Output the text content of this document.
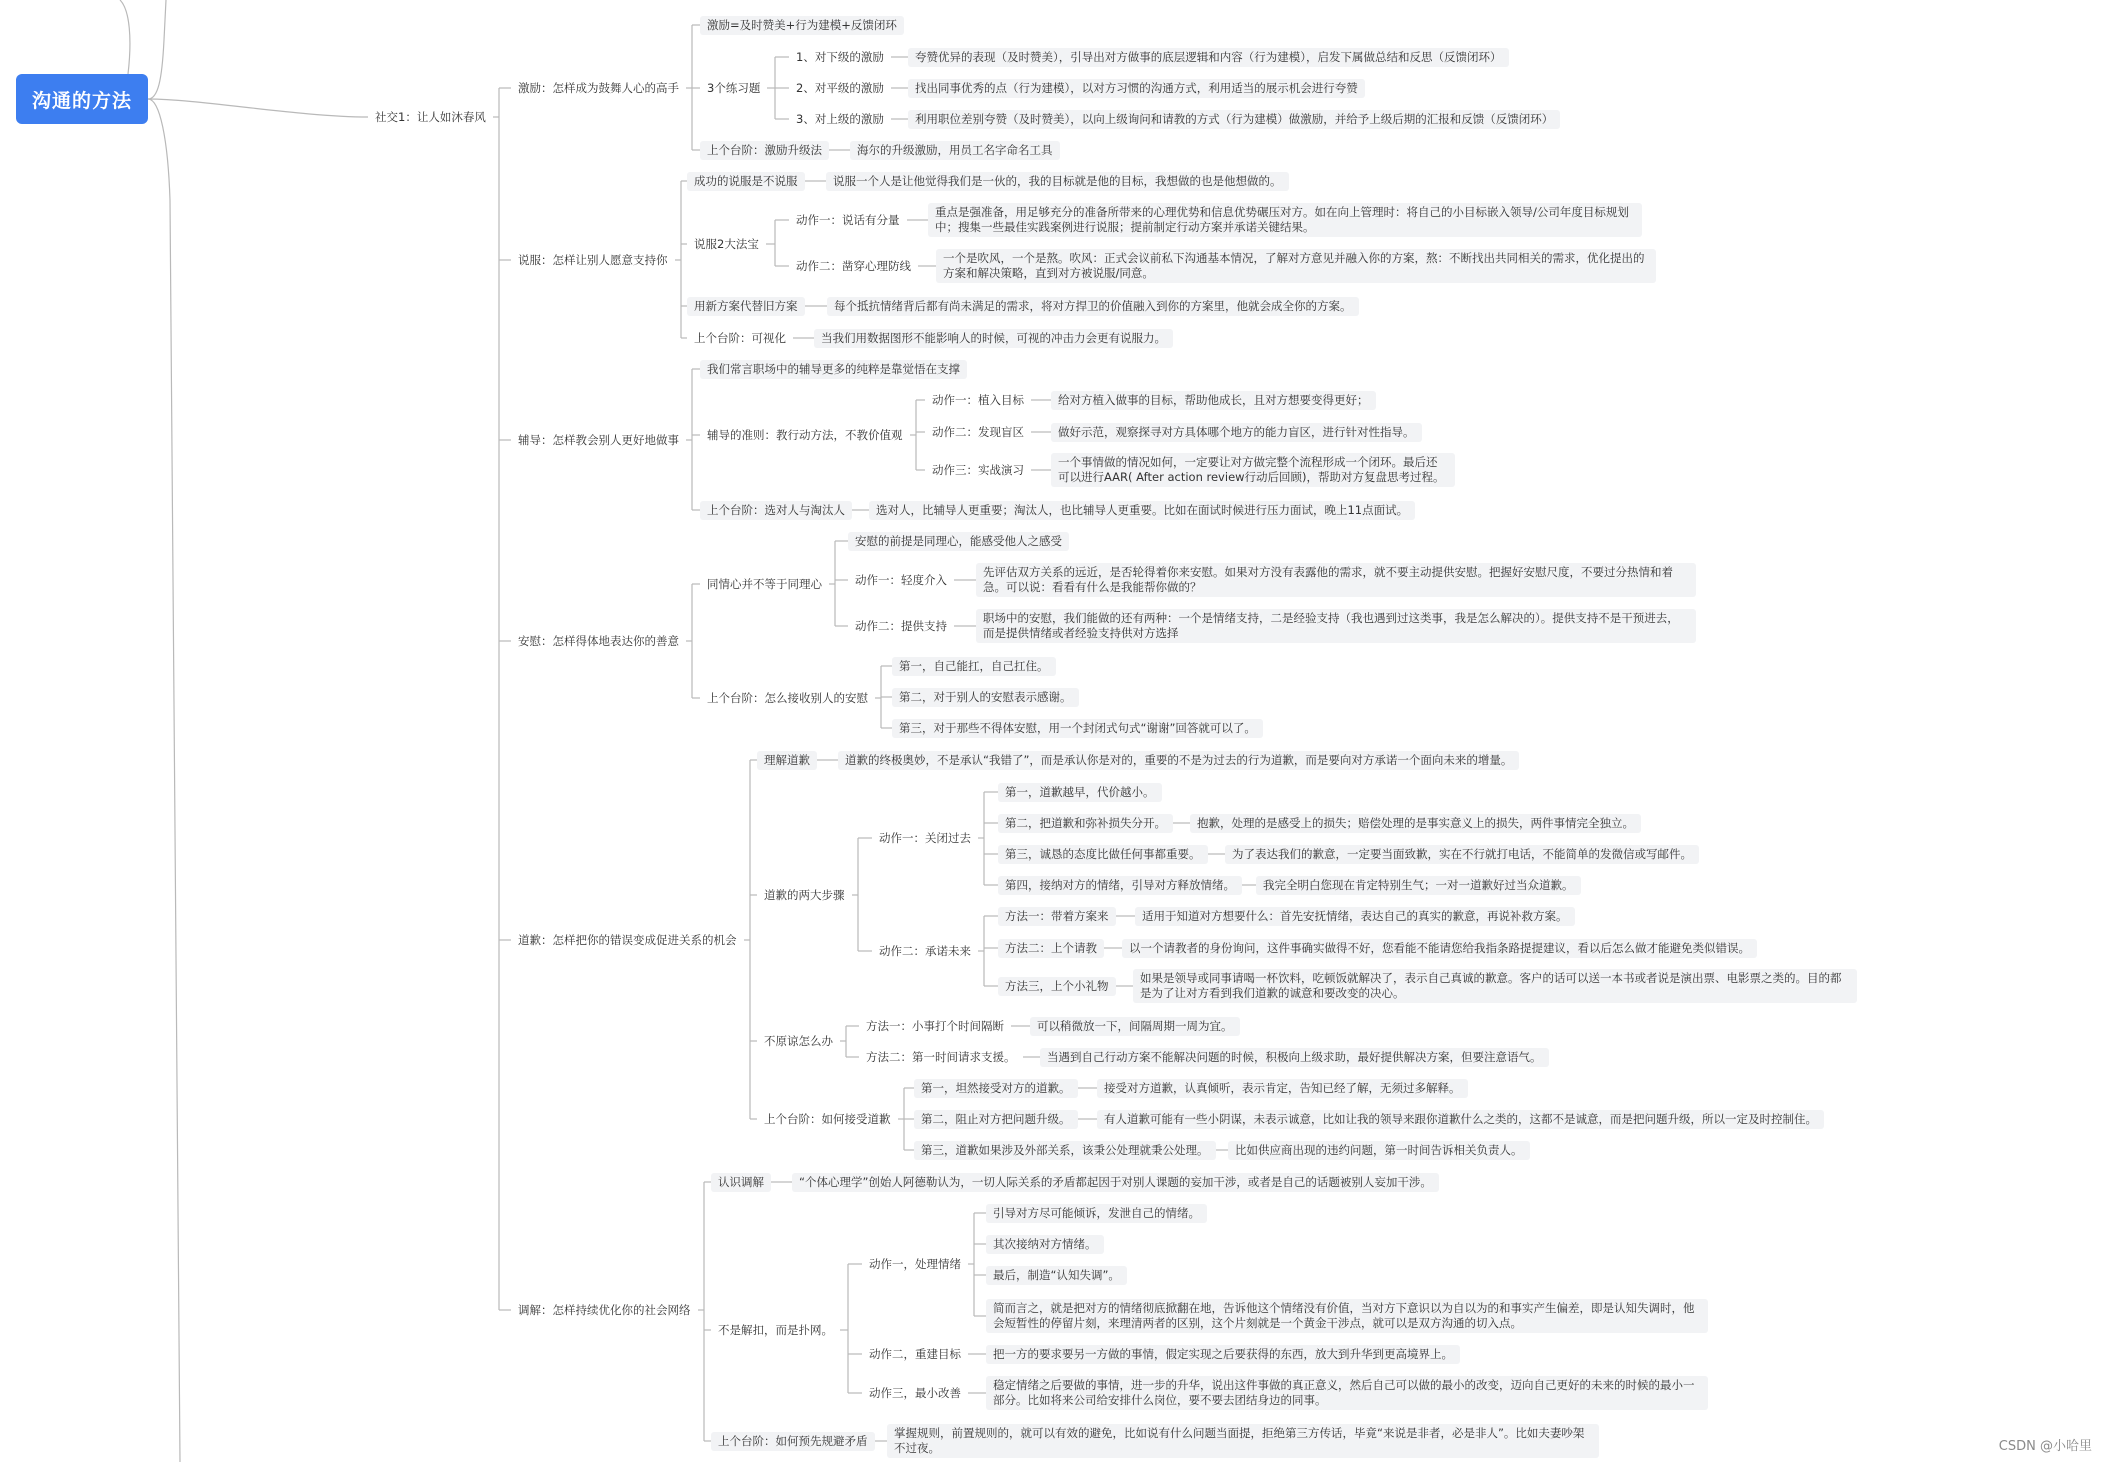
沟通的方法
社交1：让人如沐春风
激励：怎样成为鼓舞人心的高手
激励=及时赞美+行为建模+反馈闭环
3个练习题
1、对下级的激励	夸赞优异的表现（及时赞美），引导出对方做事的底层逻辑和内容（行为建模），启发下属做总结和反思（反馈闭环）
2、对平级的激励	找出同事优秀的点（行为建模），以对方习惯的沟通方式，利用适当的展示机会进行夸赞
3、对上级的激励	利用职位差别夸赞（及时赞美），以向上级询问和请教的方式（行为建模）做激励，并给予上级后期的汇报和反馈（反馈闭环）
上个台阶：激励升级法	海尔的升级激励，用员工名字命名工具
说服：怎样让别人愿意支持你
成功的说服是不说服	说服一个人是让他觉得我们是一伙的，我的目标就是他的目标，我想做的也是他想做的。
说服2大法宝
动作一：说话有分量
重点是强准备，用足够充分的准备所带来的心理优势和信息优势碾压对方。如在向上管理时：将自己的小目标嵌入领导/公司年度目标规划中；搜集一些最佳实践案例进行说服；提前制定行动方案并承诺关键结果。
动作二：凿穿心理防线
一个是吹风，一个是熬。吹风：正式会议前私下沟通基本情况，了解对方意见并融入你的方案，熬：不断找出共同相关的需求，优化提出的方案和解决策略，直到对方被说服/同意。
用新方案代替旧方案	每个抵抗情绪背后都有尚未满足的需求，将对方捍卫的价值融入到你的方案里，他就会成全你的方案。
上个台阶：可视化	当我们用数据图形不能影响人的时候，可视的冲击力会更有说服力。
辅导：怎样教会别人更好地做事
我们常言职场中的辅导更多的纯粹是靠觉悟在支撑
辅导的准则：教行动方法，不教价值观
动作一：植入目标	给对方植入做事的目标，帮助他成长，且对方想要变得更好；
动作二：发现盲区	做好示范，观察探寻对方具体哪个地方的能力盲区，进行针对性指导。
动作三：实战演习
一个事情做的情况如何，一定要让对方做完整个流程形成一个闭环。最后还可以进行AAR( After action review行动后回顾)，帮助对方复盘思考过程。
上个台阶：选对人与淘汰人	选对人，比辅导人更重要；淘汰人，也比辅导人更重要。比如在面试时候进行压力面试，晚上11点面试。
安慰：怎样得体地表达你的善意
同情心并不等于同理心
安慰的前提是同理心，能感受他人之感受
动作一：轻度介入
先评估双方关系的远近，是否轮得着你来安慰。如果对方没有表露他的需求，就不要主动提供安慰。把握好安慰尺度，不要过分热情和着急。可以说：看看有什么是我能帮你做的？
动作二：提供支持
职场中的安慰，我们能做的还有两种：一个是情绪支持，二是经验支持（我也遇到过这类事，我是怎么解决的）。提供支持不是干预进去，而是提供情绪或者经验支持供对方选择
上个台阶：怎么接收别人的安慰
第一，自己能扛，自己扛住。
第二，对于别人的安慰表示感谢。
第三，对于那些不得体安慰，用一个封闭式句式“谢谢”回答就可以了。
道歉：怎样把你的错误变成促进关系的机会
理解道歉	道歉的终极奥妙，不是承认“我错了”，而是承认你是对的，重要的不是为过去的行为道歉，而是要向对方承诺一个面向未来的增量。
道歉的两大步骤
动作一：关闭过去
第一，道歉越早，代价越小。
第二，把道歉和弥补损失分开。	抱歉，处理的是感受上的损失；赔偿处理的是事实意义上的损失，两件事情完全独立。
第三，诚恳的态度比做任何事都重要。	为了表达我们的歉意，一定要当面致歉，实在不行就打电话，不能简单的发微信或写邮件。
第四，接纳对方的情绪，引导对方释放情绪。	我完全明白您现在肯定特别生气；一对一道歉好过当众道歉。
动作二：承诺未来
方法一：带着方案来	适用于知道对方想要什么：首先安抚情绪，表达自己的真实的歉意，再说补救方案。
方法二：上个请教	以一个请教者的身份询问，这件事确实做得不好，您看能不能请您给我指条路提提建议，看以后怎么做才能避免类似错误。
方法三，上个小礼物
如果是领导或同事请喝一杯饮料，吃顿饭就解决了，表示自己真诚的歉意。客户的话可以送一本书或者说是演出票、电影票之类的。目的都是为了让对方看到我们道歉的诚意和要改变的决心。
不原谅怎么办
方法一：小事打个时间隔断	可以稍微放一下，间隔周期一周为宜。
方法二：第一时间请求支援。	当遇到自己行动方案不能解决问题的时候，积极向上级求助，最好提供解决方案，但要注意语气。
上个台阶：如何接受道歉
第一，坦然接受对方的道歉。	接受对方道歉，认真倾听，表示肯定，告知已经了解，无须过多解释。
第二，阻止对方把问题升级。	有人道歉可能有一些小阴谋，未表示诚意，比如让我的领导来跟你道歉什么之类的，这都不是诚意，而是把问题升级，所以一定及时控制住。
第三，道歉如果涉及外部关系，该秉公处理就秉公处理。	比如供应商出现的违约问题，第一时间告诉相关负责人。
调解：怎样持续优化你的社会网络
认识调解	“个体心理学”创始人阿德勒认为，一切人际关系的矛盾都起因于对别人课题的妄加干涉，或者是自己的话题被别人妄加干涉。
不是解扣，而是扑网。
动作一，处理情绪
引导对方尽可能倾诉，发泄自己的情绪。
其次接纳对方情绪。
最后，制造“认知失调”。
简而言之，就是把对方的情绪彻底掀翻在地，告诉他这个情绪没有价值，当对方下意识以为自以为的和事实产生偏差，即是认知失调时，他会短暂性的停留片刻，来理清两者的区别，这个片刻就是一个黄金干涉点，就可以是双方沟通的切入点。
动作二，重建目标	把一方的要求要另一方做的事情，假定实现之后要获得的东西，放大到升华到更高境界上。
动作三，最小改善
稳定情绪之后要做的事情，进一步的升华，说出这件事做的真正意义，然后自己可以做的最小的改变，迈向自己更好的未来的时候的最小一部分。比如将来公司给安排什么岗位，要不要去团结身边的同事。
上个台阶：如何预先规避矛盾
掌握规则，前置规则的，就可以有效的避免，比如说有什么问题当面提，拒绝第三方传话，毕竟“来说是非者，必是非人”。比如夫妻吵架不过夜。	CSDN @小哈里
